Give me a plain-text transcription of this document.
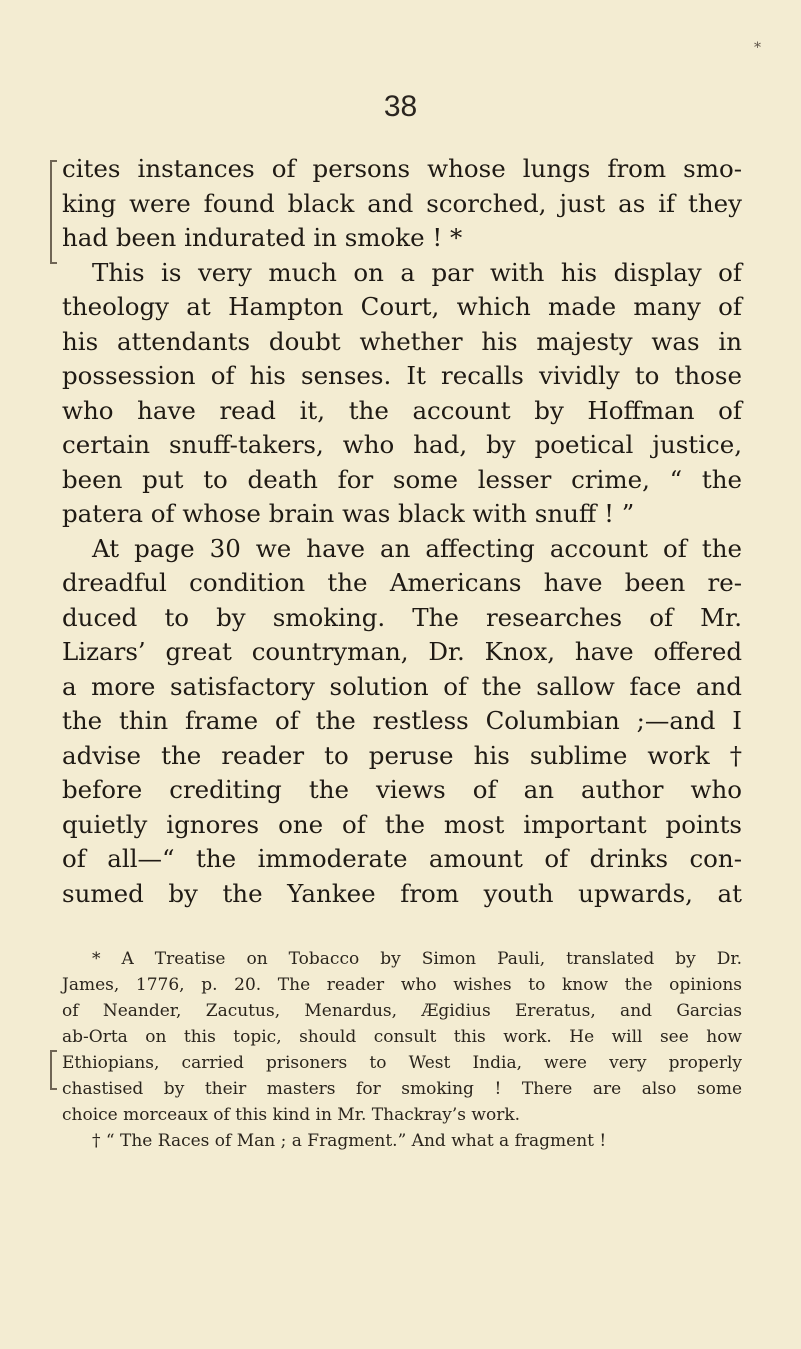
*
38
cites instances of persons whose lungs from smo-
king were found black and scorched, just as if they
had been indurated in smoke ! *
This is very much on a par with his display of
theology at Hampton Court, which made many of
his attendants doubt whether his majesty was in
possession of his senses. It recalls vividly to those
who have read it, the account by Hoffman of
certain snuff-takers, who had, by poetical justice,
been put to death for some lesser crime, “ the
patera of whose brain was black with snuff ! ”
At page 30 we have an affecting account of the
dreadful condition the Americans have been re-
duced to by smoking. The researches of Mr.
Lizars’ great countryman, Dr. Knox, have offered
a more satisfactory solution of the sallow face and
the thin frame of the restless Columbian ;—and I
advise the reader to peruse his sublime work †
before crediting the views of an author who
quietly ignores one of the most important points
of all—“ the immoderate amount of drinks con-
sumed by the Yankee from youth upwards, at
* A Treatise on Tobacco by Simon Pauli, translated by Dr.
James, 1776, p. 20. The reader who wishes to know the opinions
of Neander, Zacutus, Menardus, Ægidius Ereratus, and Garcias
ab-Orta on this topic, should consult this work. He will see how
Ethiopians, carried prisoners to West India, were very properly
chastised by their masters for smoking ! There are also some
choice morceaux of this kind in Mr. Thackray’s work.
† “ The Races of Man ; a Fragment.” And what a fragment !
